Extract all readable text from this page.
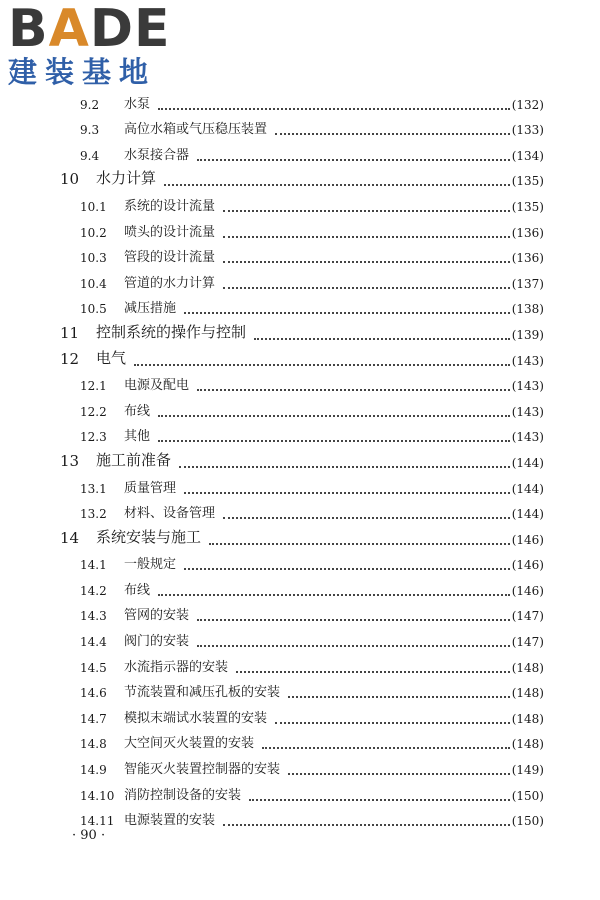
BADE
建装基地
9.2 水泵	(132)
9.3 高位水箱或气压稳压装置	(133)
9.4 水泵接合器	(134)
10 水力计算	(135)
10.1 系统的设计流量	(135)
10.2 喷头的设计流量	(136)
10.3 管段的设计流量	(136)
10.4 管道的水力计算	(137)
10.5 减压措施	(138)
11 控制系统的操作与控制	(139)
12 电气	(143)
12.1 电源及配电	(143)
12.2 布线	(143)
12.3 其他	(143)
13 施工前准备	(144)
13.1 质量管理	(144)
13.2 材料、设备管理	(144)
14 系统安装与施工	(146)
14.1 一般规定	(146)
14.2 布线	(146)
14.3 管网的安装	(147)
14.4 阀门的安装	(147)
14.5 水流指示器的安装	(148)
14.6 节流装置和减压孔板的安装	(148)
14.7 模拟末端试水装置的安装	(148)
14.8 大空间灭火装置的安装	(148)
14.9 智能灭火装置控制器的安装	(149)
14.10 消防控制设备的安装	(150)
14.11 电源装置的安装	(150)
· 90 ·
